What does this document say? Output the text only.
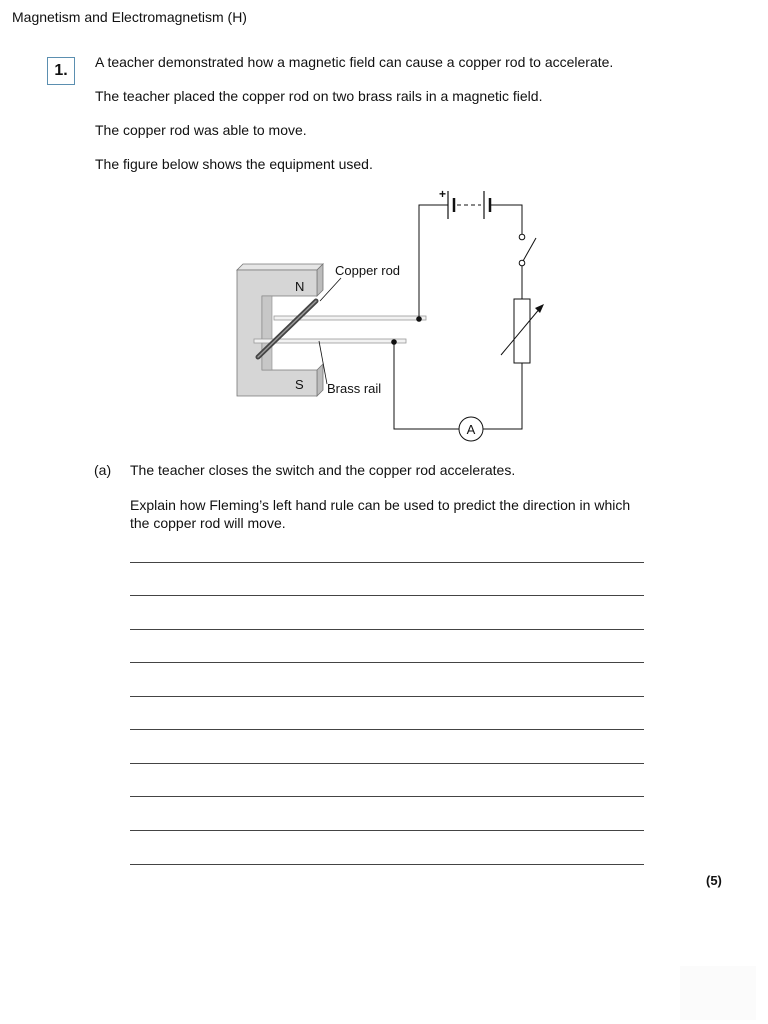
Magnetism and Electromagnetism (H)
1.	A teacher demonstrated how a magnetic field can cause a copper rod to accelerate.
The teacher placed the copper rod on two brass rails in a magnetic field.
The copper rod was able to move.
The figure below shows the equipment used.
N
S
Copper rod
Brass rail
+
A
(a) The teacher closes the switch and the copper rod accelerates.
Explain how Fleming’s left hand rule can be used to predict the direction in which the copper rod will move.
(5)
